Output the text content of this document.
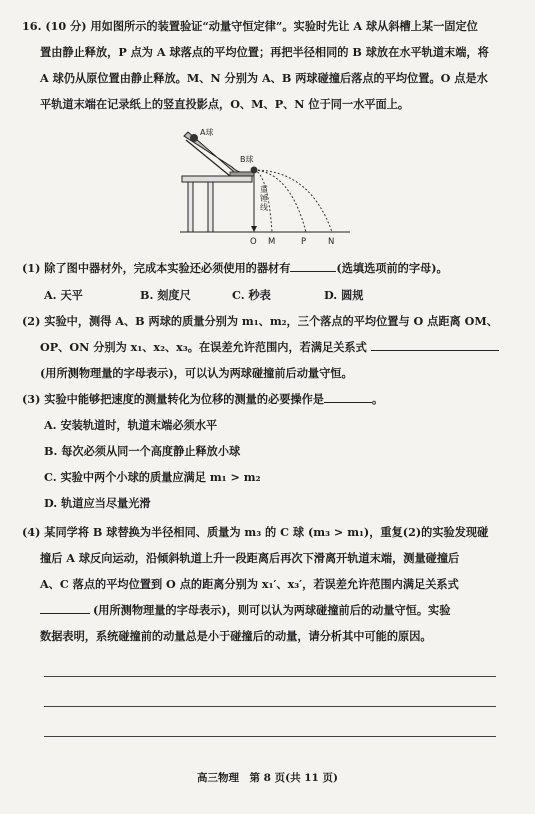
16. (10 分) 用如图所示的装置验证“动量守恒定律”。实验时先让 A 球从斜槽上某一固定位
置由静止释放，P 点为 A 球落点的平均位置；再把半径相同的 B 球放在水平轨道末端，将
A 球仍从原位置由静止释放。M、N 分别为 A、B 两球碰撞后落点的平均位置。O 点是水
平轨道末端在记录纸上的竖直投影点，O、M、P、N 位于同一水平面上。
A球
B球
重 锤 线
O M	P	N
(1) 除了图中器材外，完成本实验还必须使用的器材有	(选填选项前的字母)。
A. 天平	B. 刻度尺	C. 秒表	D. 圆规
(2) 实验中，测得 A、B 两球的质量分别为 m₁、m₂，三个落点的平均位置与 O 点距离 OM、
OP、ON 分别为 x₁、x₂、x₃。在误差允许范围内，若满足关系式
(用所测物理量的字母表示)，可以认为两球碰撞前后动量守恒。
(3) 实验中能够把速度的测量转化为位移的测量的必要操作是	。
A. 安装轨道时，轨道末端必须水平
B. 每次必须从同一个高度静止释放小球
C. 实验中两个小球的质量应满足 m₁ > m₂
D. 轨道应当尽量光滑
(4) 某同学将 B 球替换为半径相同、质量为 m₃ 的 C 球 (m₃ > m₁)，重复(2)的实验发现碰
撞后 A 球反向运动，沿倾斜轨道上升一段距离后再次下滑离开轨道末端，测量碰撞后
A、C 落点的平均位置到 O 点的距离分别为 x₁′、x₃′，若误差允许范围内满足关系式
(用所测物理量的字母表示)，则可以认为两球碰撞前后的动量守恒。实验
数据表明，系统碰撞前的动量总是小于碰撞后的动量，请分析其中可能的原因。
高三物理　第 8 页(共 11 页)
